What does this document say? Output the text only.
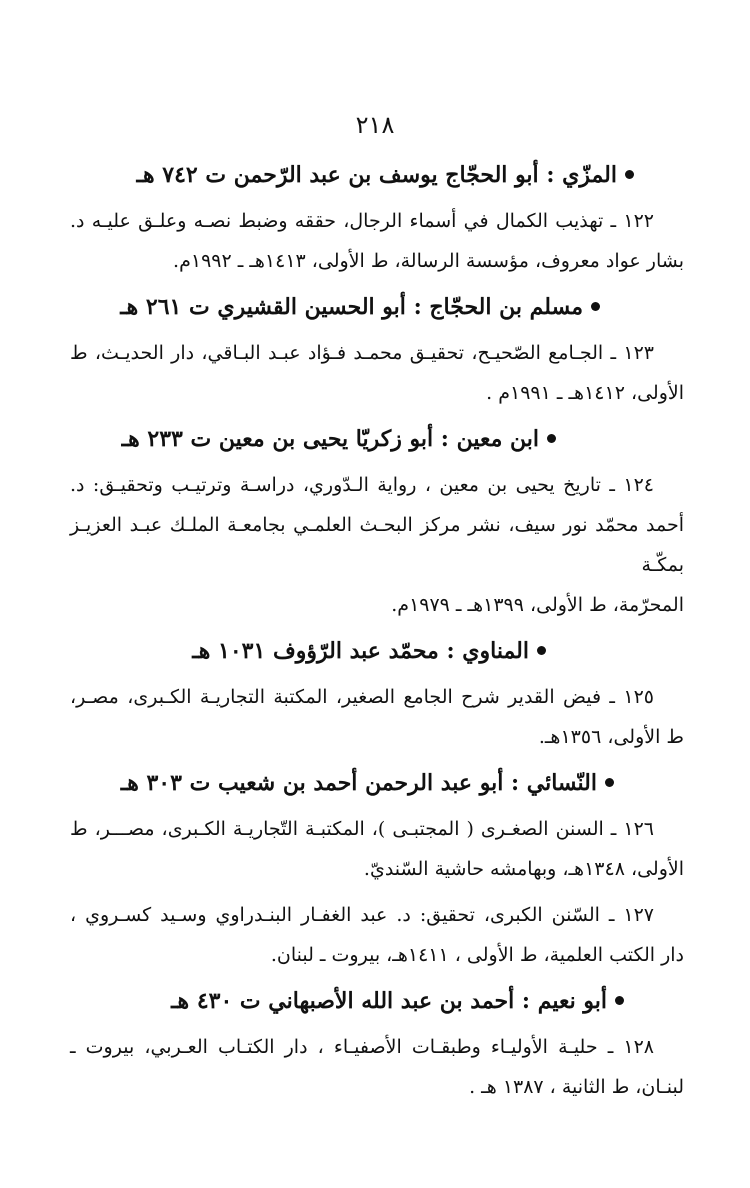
٢١٨
المزّي : أبو الحجّاج يوسف بن عبد الرّحمن ت ٧٤٢ هـ

١٢٢ ـ تهذيب الكمال في أسماء الرجال، حققه وضبط نصـه وعلـق عليـه د.

بشار عواد معروف، مؤسسة الرسالة، ط الأولى، ١٤١٣هـ ـ ١٩٩٢م.

مسلم بن الحجّاج : أبو الحسين القشيري ت ٢٦١ هـ

١٢٣ ـ الجـامع الصّحيـح، تحقيـق محمـد فـؤاد عبـد البـاقي، دار الحديـث، ط

الأولى، ١٤١٢هـ ـ ١٩٩١م .

ابن معين : أبو زكريّا يحيى بن معين ت ٢٣٣ هـ

١٢٤ ـ تاريخ يحيى بن معين ، رواية الـدّوري، دراسـة وترتيـب وتحقيـق: د.

أحمد محمّد نور سيف، نشر مركز البحـث العلمـي بجامعـة الملـك عبـد العزيـز بمكّـة

المحرّمة، ط الأولى، ١٣٩٩هـ ـ ١٩٧٩م.

المناوي : محمّد عبد الرّؤوف ١٠٣١ هـ

١٢٥ ـ فيض القدير شرح الجامع الصغير، المكتبة التجاريـة الكـبرى، مصـر،

ط الأولى، ١٣٥٦هـ.

النّسائي : أبو عبد الرحمن أحمد بن شعيب ت ٣٠٣ هـ

١٢٦ ـ السنن الصغـرى ( المجتبـى )، المكتبـة التّجاريـة الكـبرى، مصـــر، ط

الأولى، ١٣٤٨هـ، وبهامشه حاشية السّنديّ.

١٢٧ ـ السّنن الكبرى، تحقيق: د. عبد الغفـار البنـدراوي وسـيد كسـروي ،

دار الكتب العلمية، ط الأولى ، ١٤١١هـ، بيروت ـ لبنان.

أبو نعيم : أحمد بن عبد الله الأصبهاني ت ٤٣٠ هـ

١٢٨ ـ حليـة الأوليـاء وطبقـات الأصفيـاء ، دار الكتـاب العـربي، بيروت ـ

لبنـان، ط الثانية ، ١٣٨٧ هـ .
